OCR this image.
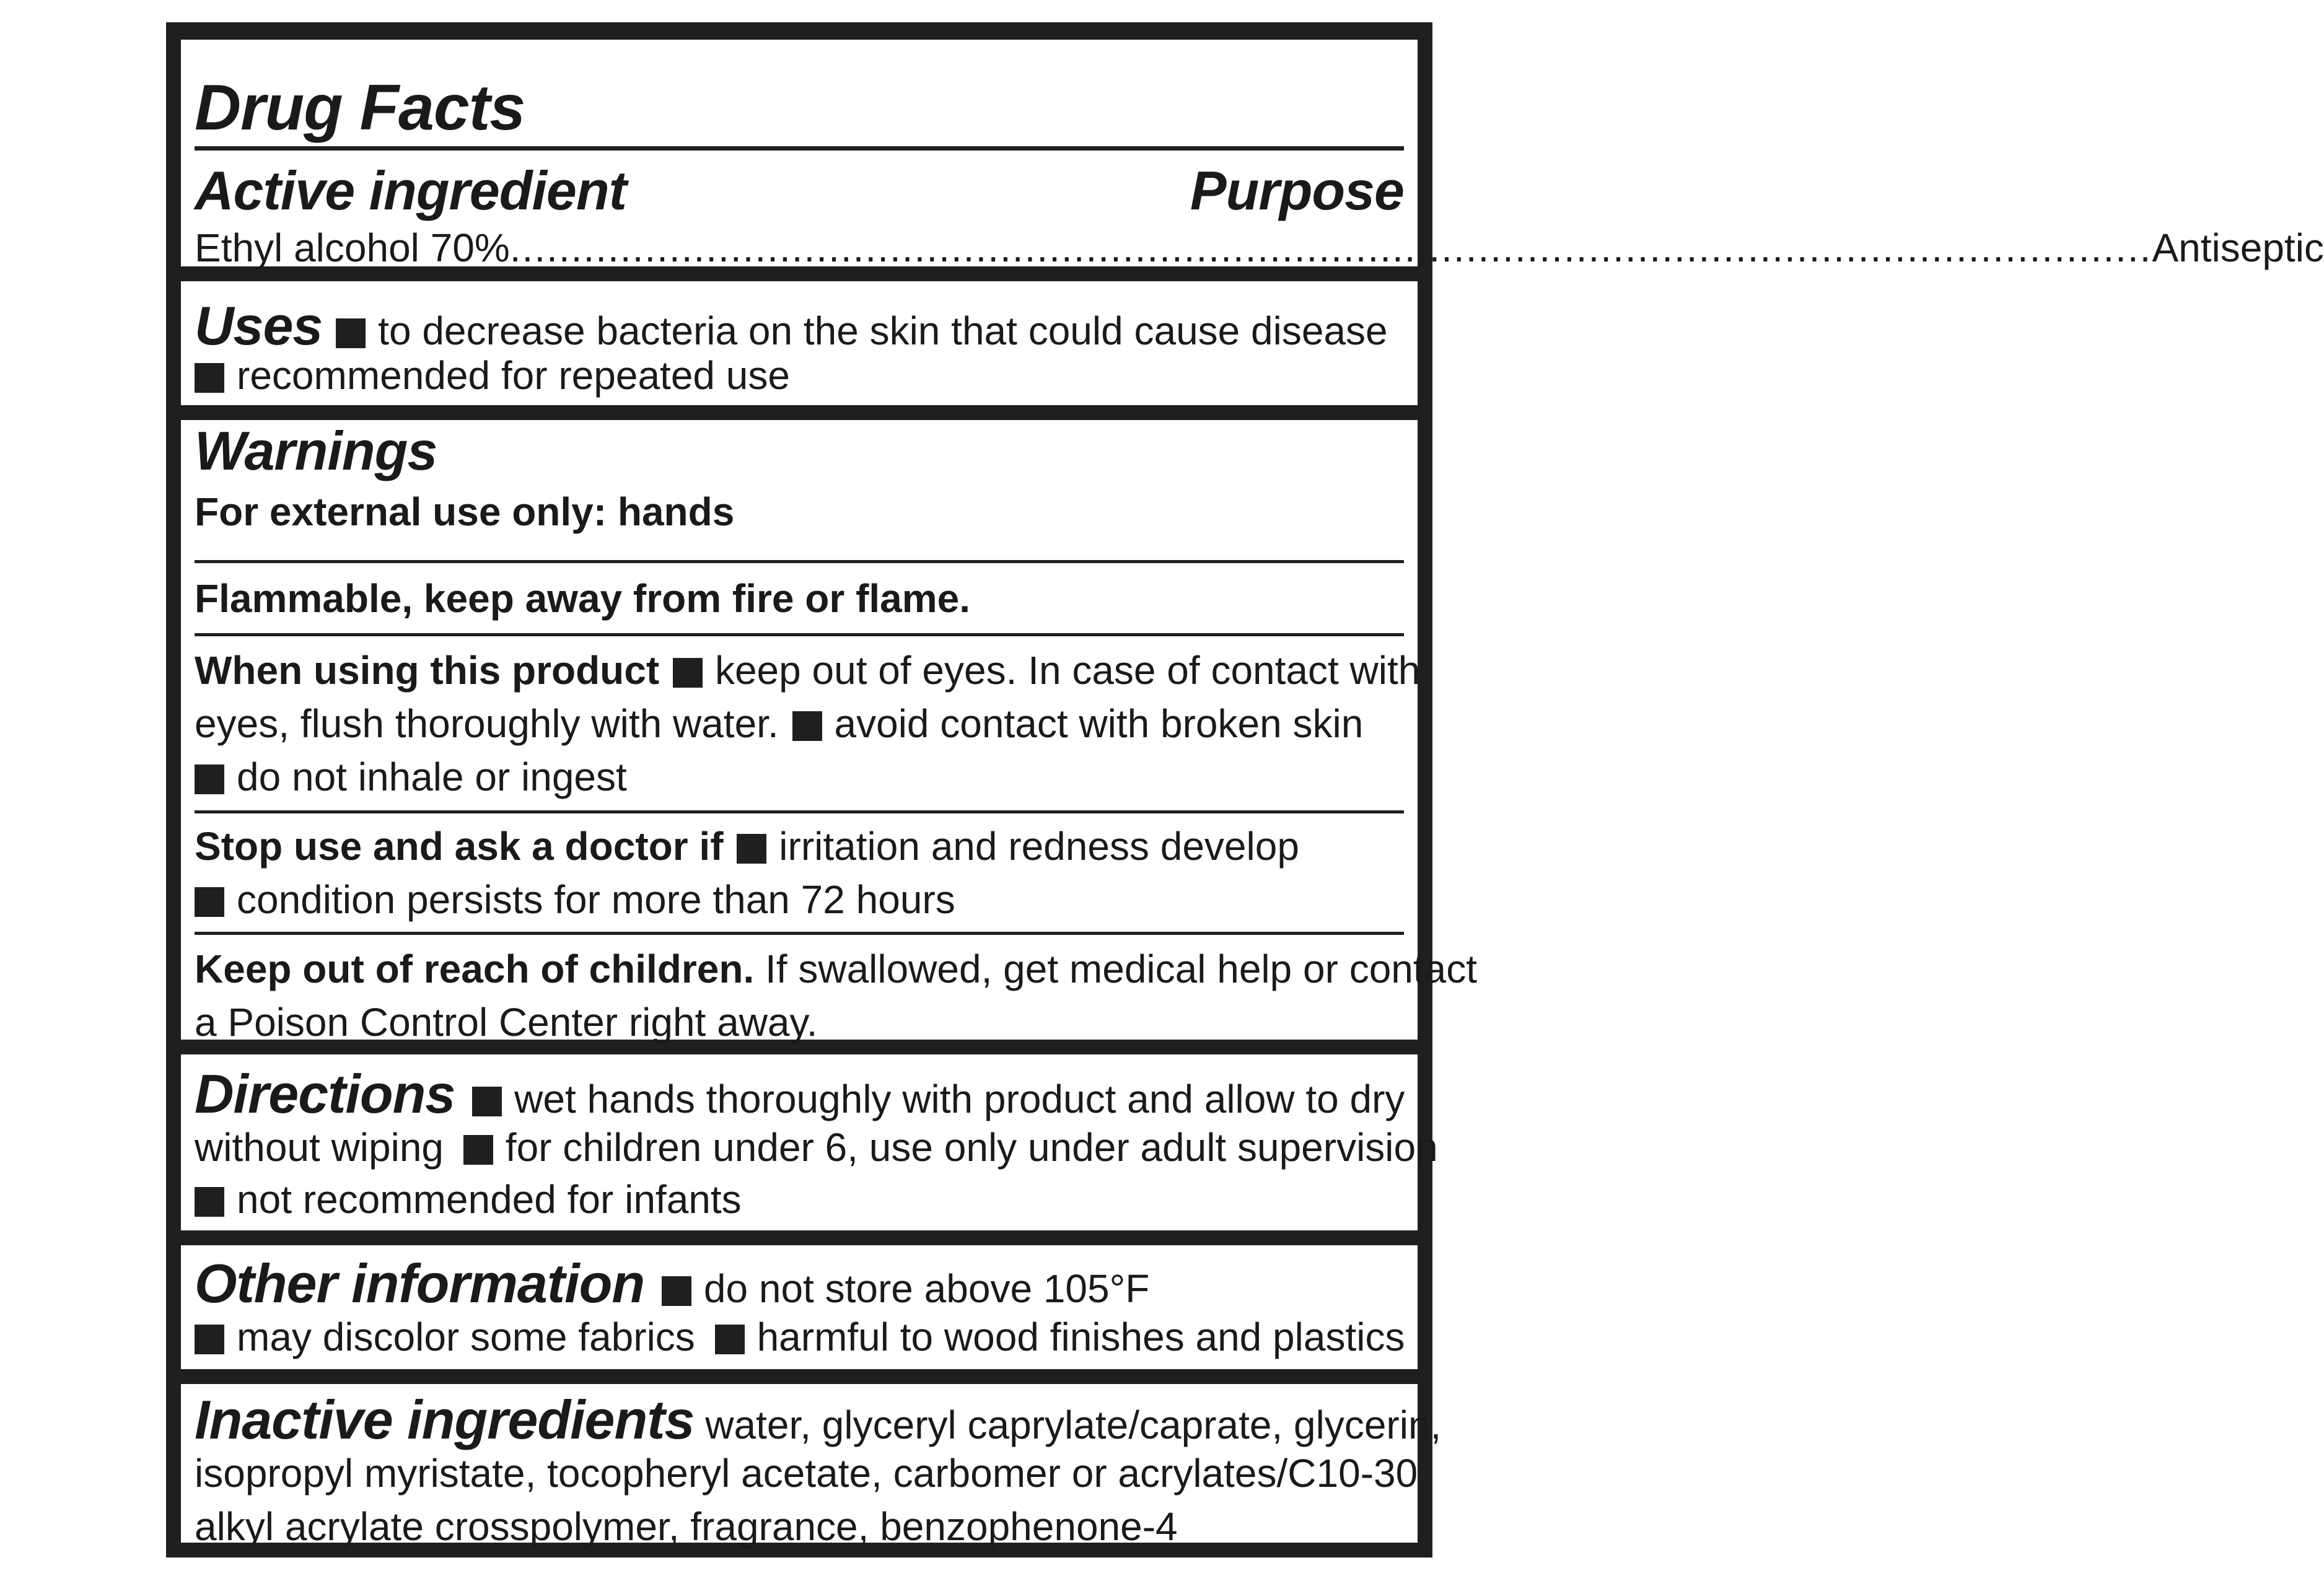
Drug Facts
Active ingredient	Purpose
Ethyl alcohol 70% ...................................................................................................................................... Antiseptic
Uses to decrease bacteria on the skin that could cause disease
recommended for repeated use
Warnings
For external use only: hands
Flammable, keep away from fire or flame.
When using this product keep out of eyes. In case of contact with
eyes, flush thoroughly with water. avoid contact with broken skin
do not inhale or ingest
Stop use and ask a doctor if irritation and redness develop
condition persists for more than 72 hours
Keep out of reach of children. If swallowed, get medical help or contact
a Poison Control Center right away.
Directions wet hands thoroughly with product and allow to dry
without wiping for children under 6, use only under adult supervision
not recommended for infants
Other information do not store above 105°F
may discolor some fabrics harmful to wood finishes and plastics
Inactive ingredients water, glyceryl caprylate/caprate, glycerin,
isopropyl myristate, tocopheryl acetate, carbomer or acrylates/C10-30
alkyl acrylate crosspolymer, fragrance, benzophenone-4
